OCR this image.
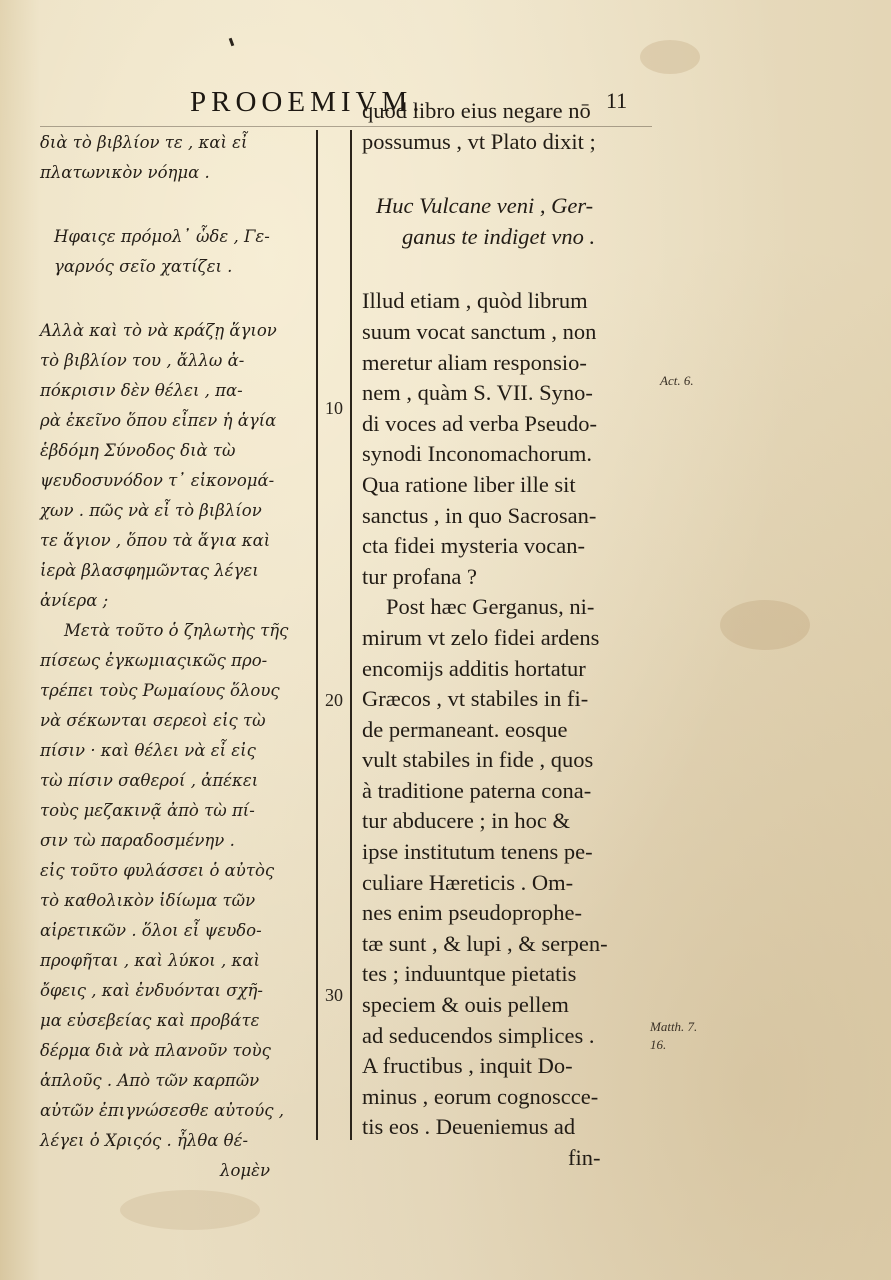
PROOEMIVM.	11
10
20
30
διὰ τὸ βιβλίον τε , καὶ εἶ
πλατωνικὸν νόημα .
Ηφαιςε πρόμολ᾽ ὧδε , Γε-
γαρνός σεῖο χατίζει .
Αλλὰ καὶ τὸ νὰ κράζῃ ἅγιον
τὸ βιβλίον του , ἄλλω ἀ-
πόκρισιν δὲν θέλει , πα-
ρὰ ἐκεῖνο ὅπου εἶπεν ἡ ἁγία
ἑβδόμη Σύνοδος διὰ τὼ
ψευδοσυνόδον τ᾽ εἰκονομά-
χων . πῶς νὰ εἶ τὸ βιβλίον
τε ἅγιον , ὅπου τὰ ἅγια καὶ
ἱερὰ βλασφημῶντας λέγει
ἀνίερα ;
Μετὰ τοῦτο ὁ ζηλωτὴς τῆς
πίσεως ἐγκωμιαςικῶς προ-
τρέπει τοὺς Ρωμαίους ὅλους
νὰ σέκωνται σερεοὶ εἰς τὼ
πίσιν · καὶ θέλει νὰ εἶ εἰς
τὼ πίσιν σαθεροί , ἀπέκει
τοὺς μεζακινᾷ ἀπὸ τὼ πί-
σιν τὼ παραδοσμένην .
εἰς τοῦτο φυλάσσει ὁ αὐτὸς
τὸ καθολικὸν ἰδίωμα τῶν
αἱρετικῶν . ὅλοι εἶ ψευδο-
προφῆται , καὶ λύκοι , καὶ
ὄφεις , καὶ ἐνδυόνται σχῆ-
μα εὐσεβείας καὶ προβάτε
δέρμα διὰ νὰ πλανοῦν τοὺς
ἁπλοῦς . Απὸ τῶν καρπῶν
αὐτῶν ἐπιγνώσεσθε αὐτούς ,
λέγει ὁ Χριςός . ἦλθα θέ-
λομὲν
quod libro eius negare nō
possumus , vt Plato dixit ;
Huc Vulcane veni , Ger-
ganus te indiget vno .
Illud etiam , quòd librum
suum vocat sanctum , non
meretur aliam responsio-
nem , quàm S. VII. Syno-
di voces ad verba Pseudo-
synodi Inconomachorum.
Qua ratione liber ille sit
sanctus , in quo Sacrosan-
cta fidei mysteria vocan-
tur profana ?
Post hæc Gerganus, ni-
mirum vt zelo fidei ardens
encomijs additis hortatur
Græcos , vt stabiles in fi-
de permaneant. eosque
vult stabiles in fide , quos
à traditione paterna cona-
tur abducere ; in hoc &
ipse institutum tenens pe-
culiare Hæreticis . Om-
nes enim pseudoprophe-
tæ sunt , & lupi , & serpen-
tes ; induuntque pietatis
speciem & ouis pellem
ad seducendos simplices .
A fructibus , inquit Do-
minus , eorum cognoscce-
tis eos . Deueniemus ad
fin-
Act. 6.
Matth. 7.
16.
